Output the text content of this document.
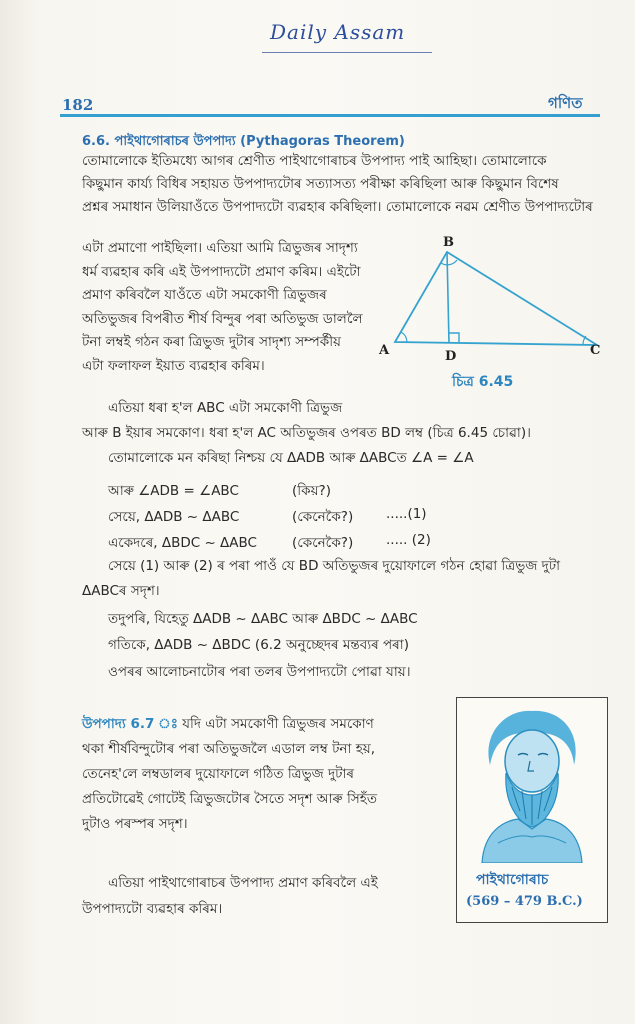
Daily Assam
182	গণিত
6.6. পাইথাগোৰাচৰ উপপাদ্য (Pythagoras Theorem)
তোমালোকে ইতিমধ্যে আগৰ শ্ৰেণীত পাইথাগোৰাচৰ উপপাদ্য পাই আহিছা। তোমালোকে
কিছুমান কাৰ্য্য বিধিৰ সহায়ত উপপাদ্যটোৰ সত্যাসত্য পৰীক্ষা কৰিছিলা আৰু কিছুমান বিশেষ
প্ৰশ্নৰ সমাধান উলিয়াওঁতে উপপাদ্যটো ব্যৱহাৰ কৰিছিলা। তোমালোকে নৱম শ্ৰেণীত উপপাদ্যটোৰ
এটা প্ৰমাণো পাইছিলা। এতিয়া আমি ত্ৰিভুজৰ সাদৃশ্য
ধৰ্ম ব্যৱহাৰ কৰি এই উপপাদ্যটো প্ৰমাণ কৰিম। এইটো
প্ৰমাণ কৰিবলৈ যাওঁতে এটা সমকোণী ত্ৰিভুজৰ
অতিভুজৰ বিপৰীত শীৰ্ষ বিন্দুৰ পৰা অতিভুজ ডাললৈ
টনা লম্বই গঠন কৰা ত্ৰিভুজ দুটাৰ সাদৃশ্য সম্পৰ্কীয়
এটা ফলাফল ইয়াত ব্যৱহাৰ কৰিম।
B
A	D	C
চিত্ৰ 6.45
এতিয়া ধৰা হ'ল ABC এটা সমকোণী ত্ৰিভুজ
আৰু B ইয়াৰ সমকোণ। ধৰা হ'ল AC অতিভুজৰ ওপৰত BD লম্ব (চিত্ৰ 6.45 চোৱা)।
তোমালোকে মন কৰিছা নিশ্চয় যে ΔADB আৰু ΔABCত ∠A = ∠A
আৰু ∠ADB = ∠ABC	(কিয়?)
সেয়ে, ΔADB ~ ΔABC	(কেনেকৈ?) .....(1)
একেদৰে, ΔBDC ~ ΔABC	(কেনেকৈ?) ..... (2)
সেয়ে (1) আৰু (2) ৰ পৰা পাওঁ যে BD অতিভুজৰ দুয়োফালে গঠন হোৱা ত্ৰিভুজ দুটা
ΔABCৰ সদৃশ।
তদুপৰি, যিহেতু ΔADB ~ ΔABC আৰু ΔBDC ~ ΔABC
গতিকে, ΔADB ~ ΔBDC (6.2 অনুচ্ছেদৰ মন্তব্যৰ পৰা)
ওপৰৰ আলোচনাটোৰ পৰা তলৰ উপপাদ্যটো পোৱা যায়।
উপপাদ্য 6.7 ঃ যদি এটা সমকোণী ত্ৰিভুজৰ সমকোণ
থকা শীৰ্ষবিন্দুটোৰ পৰা অতিভুজলৈ এডাল লম্ব টনা হয়,
তেনেহ'লে লম্বডালৰ দুয়োফালে গঠিত ত্ৰিভুজ দুটাৰ
প্ৰতিটোৱেই গোটেই ত্ৰিভুজটোৰ সৈতে সদৃশ আৰু সিহঁত
দুটাও পৰস্পৰ সদৃশ।
এতিয়া পাইথাগোৰাচৰ উপপাদ্য প্ৰমাণ কৰিবলৈ এই
উপপাদ্যটো ব্যৱহাৰ কৰিম।
পাইথাগোৰাচ
(569 – 479 B.C.)
